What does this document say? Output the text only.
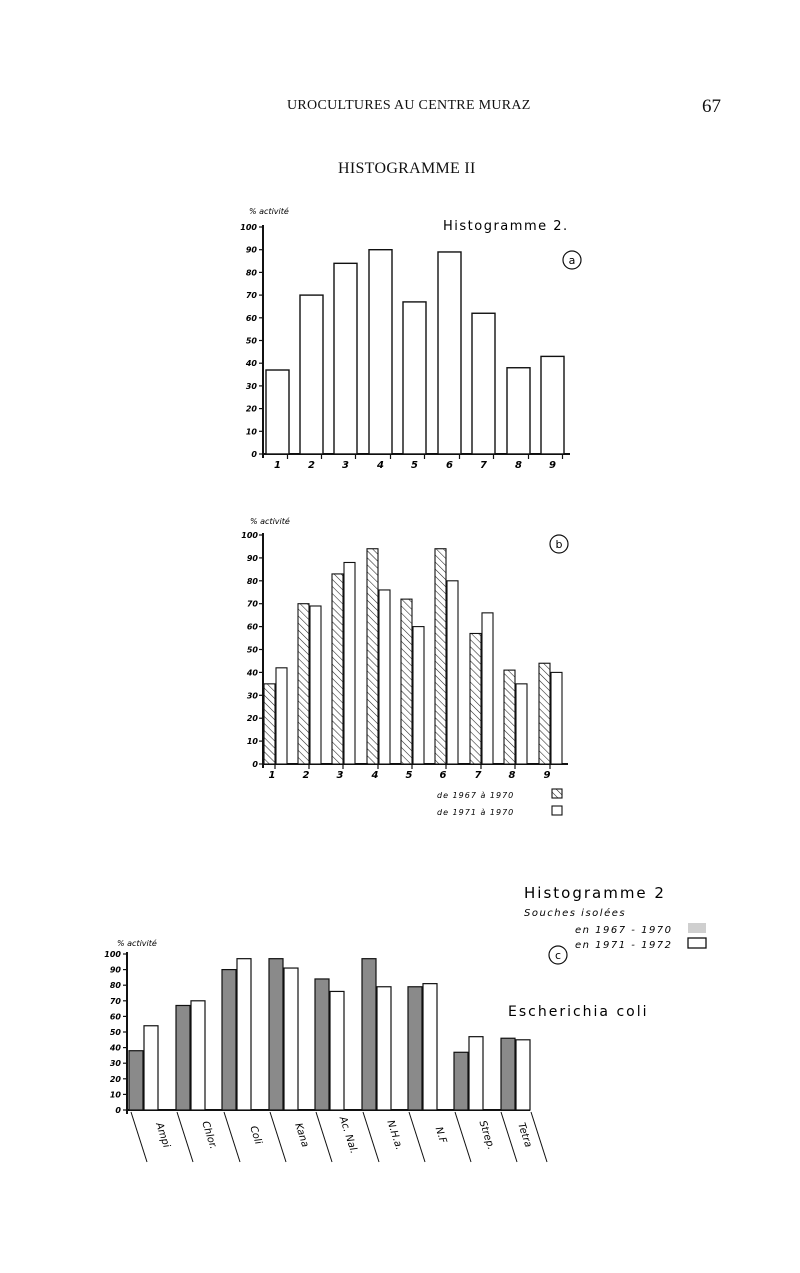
UROCULTURES AU CENTRE MURAZ	67
HISTOGRAMME II
0
10
20
30
40
50
60
70
80
90
100
% activité
1	2	3	4	5	6	7	8	9
Histogramme 2.
a
0
10
20
30
40
50
60
70
80
90
100
% activité
1	2	3	4	5	6	7	8	9
b
de 1967 à 1970
de 1971 à 1970
0
10
20
30
40
50
60
70
80
90
100
% activité
Ampi	Chlor.	Coli	Kana	Ac. Nal.	N.H.a.	N.F	Strep. Tetra
Histogramme 2
Souches isolées
c
en 1967 - 1970
en 1971 - 1972
Escherichia coli
